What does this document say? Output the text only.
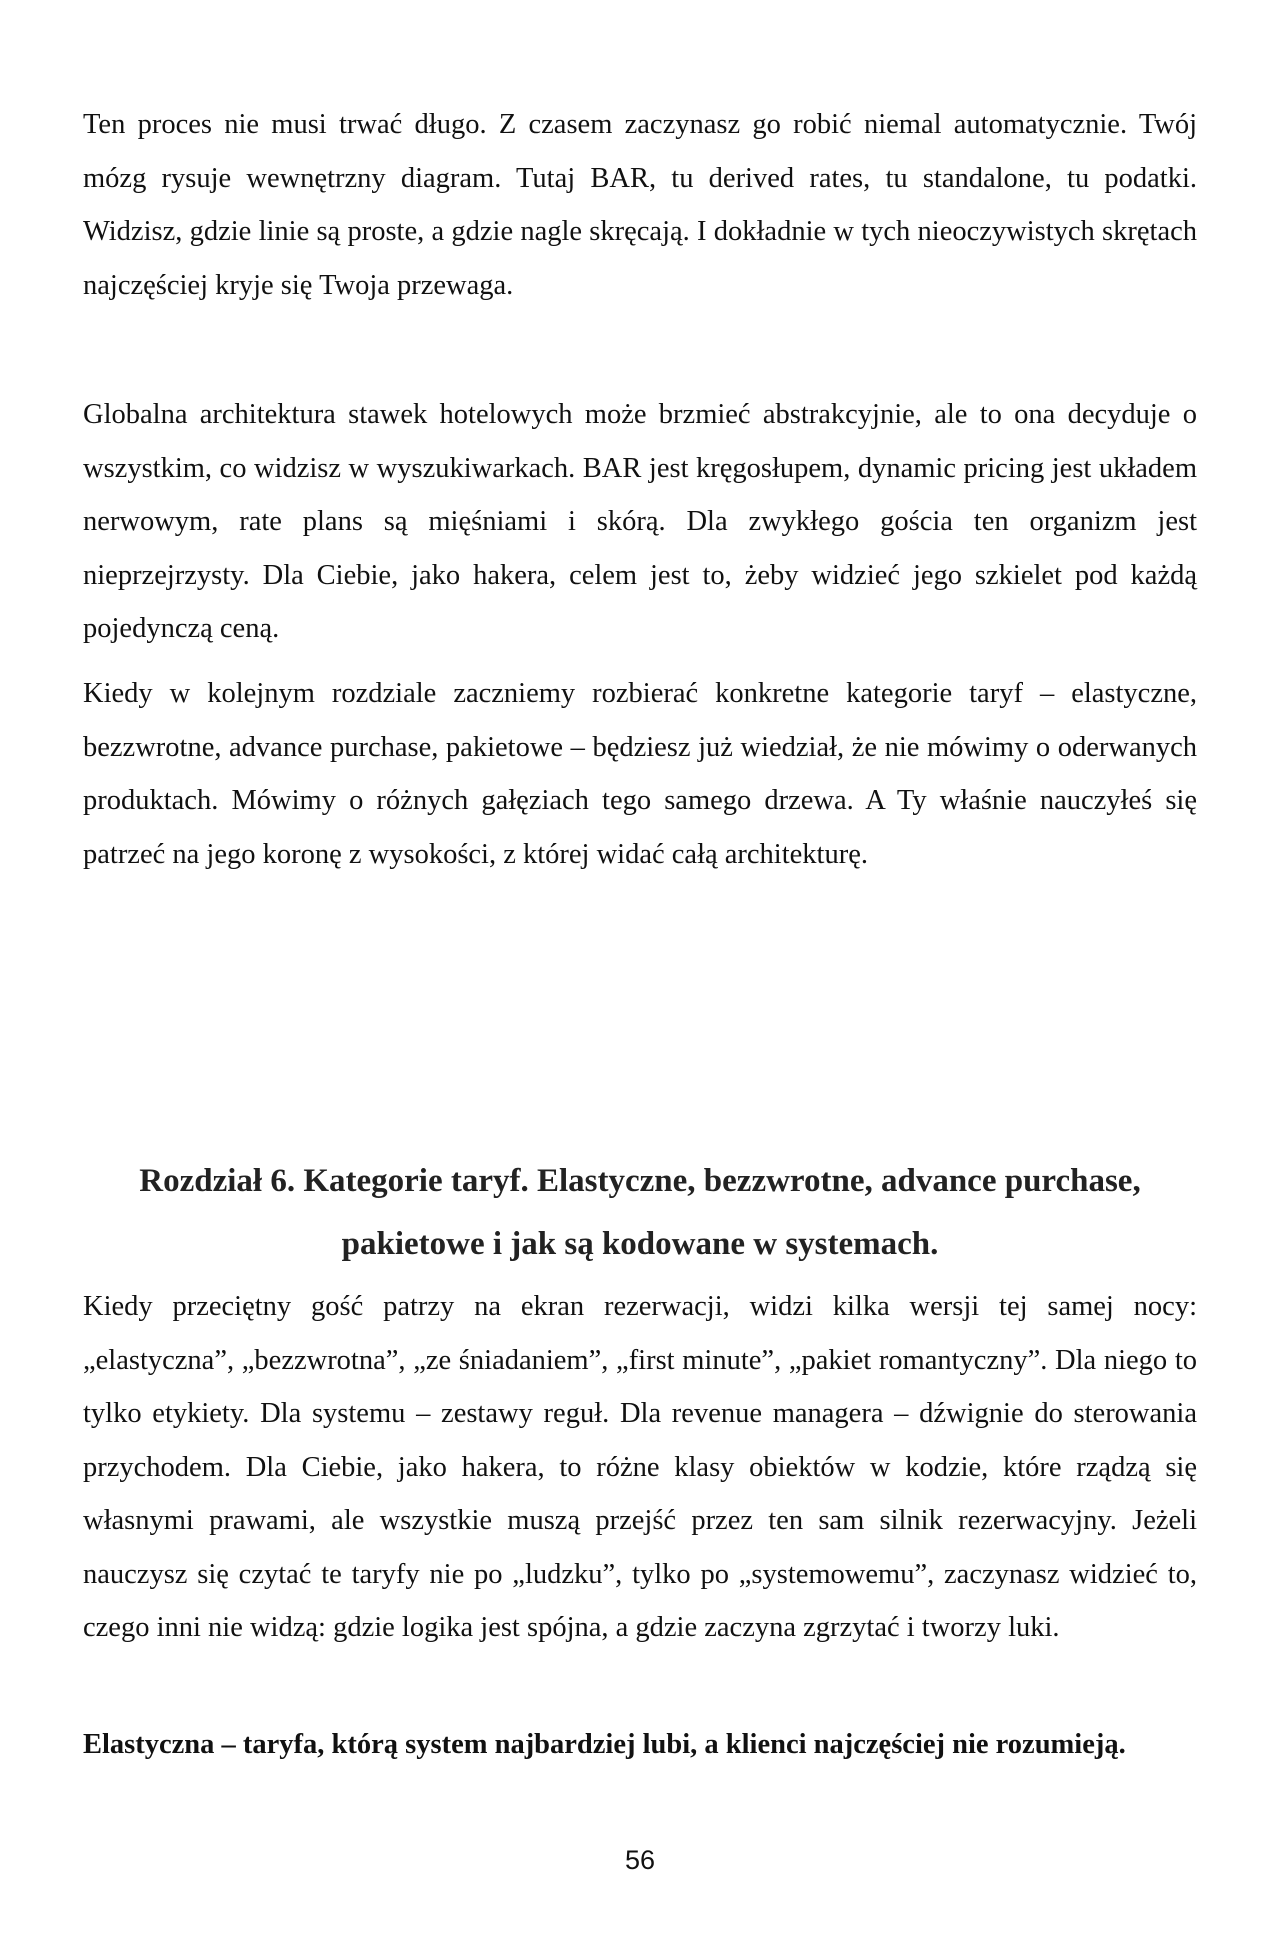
Ten proces nie musi trwać długo. Z czasem zaczynasz go robić niemal automatycznie. Twój mózg rysuje wewnętrzny diagram. Tutaj BAR, tu derived rates, tu standalone, tu podatki. Widzisz, gdzie linie są proste, a gdzie nagle skręcają. I dokładnie w tych nieoczywistych skrętach najczęściej kryje się Twoja przewaga.

Globalna architektura stawek hotelowych może brzmieć abstrakcyjnie, ale to ona decyduje o wszystkim, co widzisz w wyszukiwarkach. BAR jest kręgosłupem, dynamic pricing jest układem nerwowym, rate plans są mięśniami i skórą. Dla zwykłego gościa ten organizm jest nieprzejrzysty. Dla Ciebie, jako hakera, celem jest to, żeby widzieć jego szkielet pod każdą pojedynczą ceną.

Kiedy w kolejnym rozdziale zaczniemy rozbierać konkretne kategorie taryf – elastyczne, bezzwrotne, advance purchase, pakietowe – będziesz już wiedział, że nie mówimy o oderwanych produktach. Mówimy o różnych gałęziach tego samego drzewa. A Ty właśnie nauczyłeś się patrzeć na jego koronę z wysokości, z której widać całą architekturę.

Rozdział 6. Kategorie taryf. Elastyczne, bezzwrotne, advance purchase, pakietowe i jak są kodowane w systemach.

Kiedy przeciętny gość patrzy na ekran rezerwacji, widzi kilka wersji tej samej nocy: „elastyczna”, „bezzwrotna”, „ze śniadaniem”, „first minute”, „pakiet romantyczny”. Dla niego to tylko etykiety. Dla systemu – zestawy reguł. Dla revenue managera – dźwignie do sterowania przychodem. Dla Ciebie, jako hakera, to różne klasy obiektów w kodzie, które rządzą się własnymi prawami, ale wszystkie muszą przejść przez ten sam silnik rezerwacyjny. Jeżeli nauczysz się czytać te taryfy nie po „ludzku”, tylko po „systemowemu”, zaczynasz widzieć to, czego inni nie widzą: gdzie logika jest spójna, a gdzie zaczyna zgrzytać i tworzy luki.

Elastyczna – taryfa, którą system najbardziej lubi, a klienci najczęściej nie rozumieją.

56
